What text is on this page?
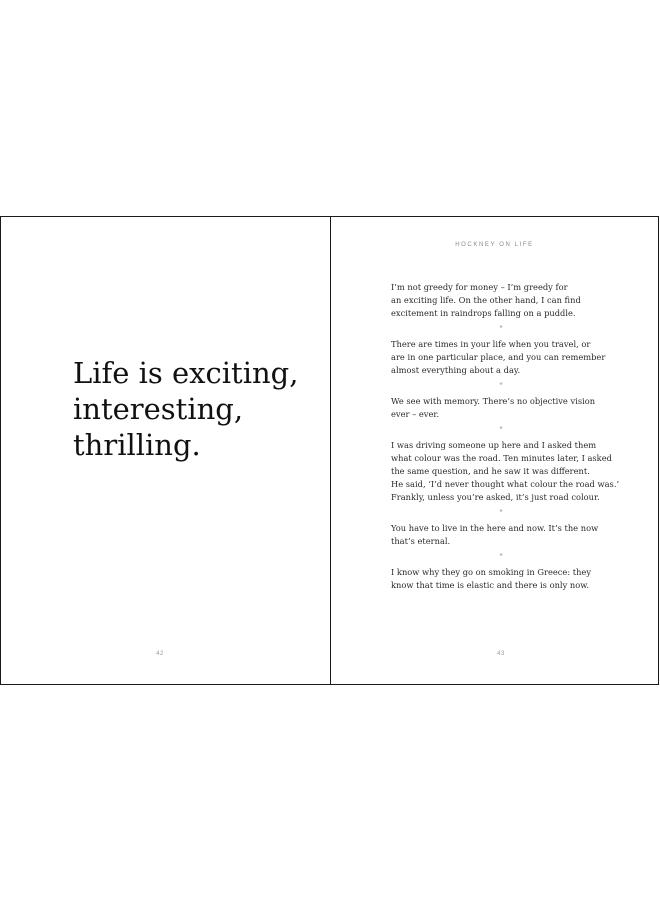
Life is exciting,
interesting,
thrilling.
42
HOCKNEY ON LIFE

I’m not greedy for money – I’m greedy for
an exciting life. On the other hand, I can find
excitement in raindrops falling on a puddle.

*

There are times in your life when you travel, or
are in one particular place, and you can remember
almost everything about a day.

*

We see with memory. There’s no objective vision
ever – ever.

*

I was driving someone up here and I asked them
what colour was the road. Ten minutes later, I asked
the same question, and he saw it was different.
He said, ‘I’d never thought what colour the road was.’
Frankly, unless you’re asked, it’s just road colour.

*

You have to live in the here and now. It’s the now
that’s eternal.

*

I know why they go on smoking in Greece: they
know that time is elastic and there is only now.

43
